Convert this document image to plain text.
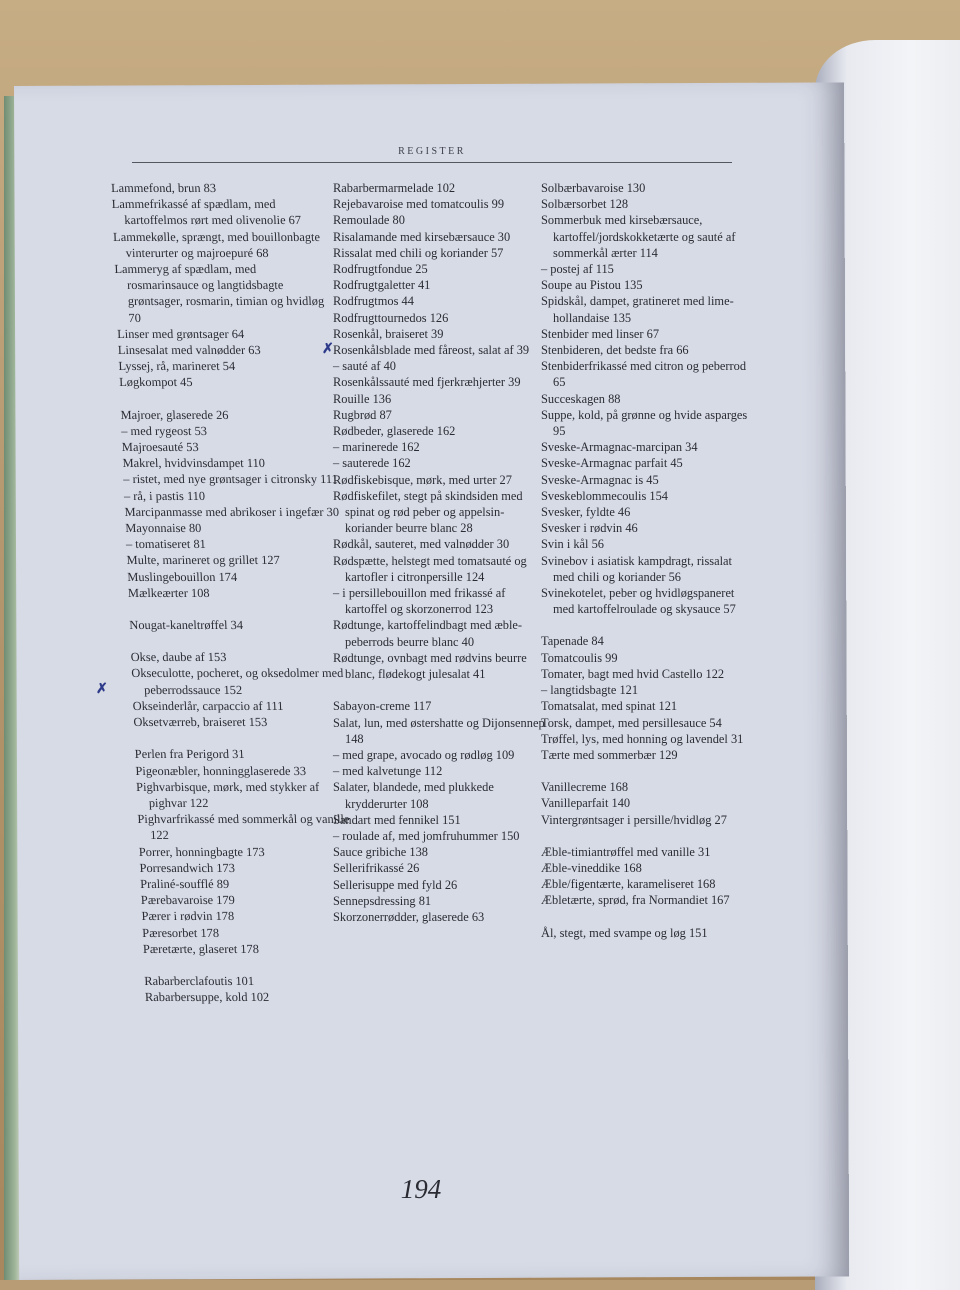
REGISTER
Lammefond, brun 83
Lammefrikassé af spædlam, med kartoffelmos rørt med olivenolie 67
Lammekølle, sprængt, med bouillonbagte vinterurter og majroepuré 68
Lammeryg af spædlam, med rosmarinsauce og langtidsbagte grøntsager, rosmarin, timian og hvidløg 70
Linser med grøntsager 64
Linsesalat med valnødder 63
Lyssej, rå, marineret 54
Løgkompot 45
Majroer, glaserede 26
– med rygeost 53
Majroesauté 53
Makrel, hvidvinsdampet 110
– ristet, med nye grøntsager i citronsky 111
– rå, i pastis 110
Marcipanmasse med abrikoser i ingefær 30
Mayonnaise 80
– tomatiseret 81
Multe, marineret og grillet 127
Muslingebouillon 174
Mælkeærter 108
Nougat-kaneltrøffel 34
Okse, daube af 153
Okseculotte, pocheret, og oksedolmer med peberrodssauce 152
Okseinderlår, carpaccio af 111
Oksetværreb, braiseret 153
Perlen fra Perigord 31
Pigeonæbler, honningglaserede 33
Pighvarbisque, mørk, med stykker af pighvar 122
Pighvarfrikassé med sommerkål og vanille 122
Porrer, honningbagte 173
Porresandwich 173
Praliné-soufflé 89
Pærebavaroise 179
Pærer i rødvin 178
Pæresorbet 178
Pæretærte, glaseret 178
Rabarberclafoutis 101
Rabarbersuppe, kold 102
Rabarbermarmelade 102
Rejebavaroise med tomatcoulis 99
Remoulade 80
Risalamande med kirsebærsauce 30
Rissalat med chili og koriander 57
Rodfrugtfondue 25
Rodfrugtgaletter 41
Rodfrugtmos 44
Rodfrugttournedos 126
Rosenkål, braiseret 39
Rosenkålsblade med fåreost, salat af 39
– sauté af 40
Rosenkålssauté med fjerkræhjerter 39
Rouille 136
Rugbrød 87
Rødbeder, glaserede 162
– marinerede 162
– sauterede 162
Rødfiskebisque, mørk, med urter 27
Rødfiskefilet, stegt på skindsiden med spinat og rød peber og appelsin-koriander beurre blanc 28
Rødkål, sauteret, med valnødder 30
Rødspætte, helstegt med tomatsauté og kartofler i citronpersille 124
– i persillebouillon med frikassé af kartoffel og skorzonerrod 123
Rødtunge, kartoffelindbagt med æble-peberrods beurre blanc 40
Rødtunge, ovnbagt med rødvins beurre blanc, flødekogt julesalat 41
Sabayon-creme 117
Salat, lun, med østershatte og Dijonsennep 148
– med grape, avocado og rødløg 109
– med kalvetunge 112
Salater, blandede, med plukkede krydderurter 108
Sandart med fennikel 151
– roulade af, med jomfruhummer 150
Sauce gribiche 138
Sellerifrikassé 26
Sellerisuppe med fyld 26
Sennepsdressing 81
Skorzonerrødder, glaserede 63
Solbærbavaroise 130
Solbærsorbet 128
Sommerbuk med kirsebærsauce, kartoffel/jordskokketærte og sauté af sommerkål ærter 114
– postej af 115
Soupe au Pistou 135
Spidskål, dampet, gratineret med lime-hollandaise 135
Stenbider med linser 67
Stenbideren, det bedste fra 66
Stenbiderfrikassé med citron og peberrod 65
Succeskagen 88
Suppe, kold, på grønne og hvide asparges 95
Sveske-Armagnac-marcipan 34
Sveske-Armagnac parfait 45
Sveske-Armagnac is 45
Sveskeblommecoulis 154
Svesker, fyldte 46
Svesker i rødvin 46
Svin i kål 56
Svinebov i asiatisk kampdragt, rissalat med chili og koriander 56
Svinekotelet, peber og hvidløgspaneret med kartoffelroulade og skysauce 57
Tapenade 84
Tomatcoulis 99
Tomater, bagt med hvid Castello 122
– langtidsbagte 121
Tomatsalat, med spinat 121
Torsk, dampet, med persillesauce 54
Trøffel, lys, med honning og lavendel 31
Tærte med sommerbær 129
Vanillecreme 168
Vanilleparfait 140
Vintergrøntsager i persille/hvidløg 27
Æble-timiantrøffel med vanille 31
Æble-vineddike 168
Æble/figentærte, karameliseret 168
Æbletærte, sprød, fra Normandiet 167
Ål, stegt, med svampe og løg 151
✗
✗
194
